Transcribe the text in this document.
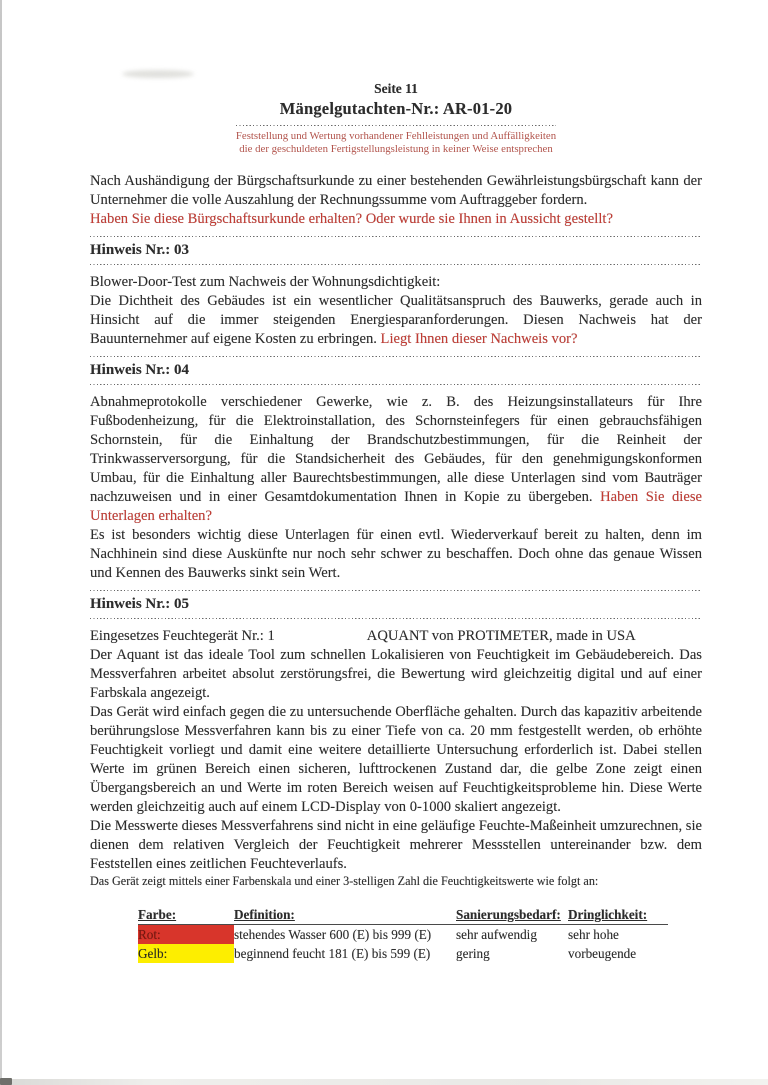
Seite 11
Mängelgutachten-Nr.: AR-01-20
Feststellung und Wertung vorhandener Fehlleistungen und Auffälligkeiten
die der geschuldeten Fertigstellungsleistung in keiner Weise entsprechen

Nach Aushändigung der Bürgschaftsurkunde zu einer bestehenden Gewährleistungsbürgschaft kann der Unternehmer die volle Auszahlung der Rechnungssumme vom Auftraggeber fordern.

Haben Sie diese Bürgschaftsurkunde erhalten? Oder wurde sie Ihnen in Aussicht gestellt?
Hinweis Nr.: 03

Blower-Door-Test zum Nachweis der Wohnungsdichtigkeit:

Die Dichtheit des Gebäudes ist ein wesentlicher Qualitätsanspruch des Bauwerks, gerade auch in Hinsicht auf die immer steigenden Energiesparanforderungen. Diesen Nachweis hat der Bauunternehmer auf eigene Kosten zu erbringen. Liegt Ihnen dieser Nachweis vor?

Hinweis Nr.: 04

Abnahmeprotokolle verschiedener Gewerke, wie z. B. des Heizungsinstallateurs für Ihre Fußbodenheizung, für die Elektroinstallation, des Schornsteinfegers für einen gebrauchsfähigen Schornstein, für die Einhaltung der Brandschutzbestimmungen, für die Reinheit der Trinkwasserversorgung, für die Standsicherheit des Gebäudes, für den genehmigungskonformen Umbau, für die Einhaltung aller Baurechtsbestimmungen, alle diese Unterlagen sind vom Bauträger nachzuweisen und in einer Gesamtdokumentation Ihnen in Kopie zu übergeben. Haben Sie diese Unterlagen erhalten?

Es ist besonders wichtig diese Unterlagen für einen evtl. Wiederverkauf bereit zu halten, denn im Nachhinein sind diese Auskünfte nur noch sehr schwer zu beschaffen. Doch ohne das genaue Wissen und Kennen des Bauwerks sinkt sein Wert.

Hinweis Nr.: 05

Eingesetzes Feuchtegerät Nr.: 1	AQUANT von PROTIMETER, made in USA

Der Aquant ist das ideale Tool zum schnellen Lokalisieren von Feuchtigkeit im Gebäudebereich. Das Messverfahren arbeitet absolut zerstörungsfrei, die Bewertung wird gleichzeitig digital und auf einer Farbskala angezeigt.

Das Gerät wird einfach gegen die zu untersuchende Oberfläche gehalten. Durch das kapazitiv arbeitende berührungslose Messverfahren kann bis zu einer Tiefe von ca. 20 mm festgestellt werden, ob erhöhte Feuchtigkeit vorliegt und damit eine weitere detaillierte Untersuchung erforderlich ist. Dabei stellen Werte im grünen Bereich einen sicheren, lufttrockenen Zustand dar, die gelbe Zone zeigt einen Übergangsbereich an und Werte im roten Bereich weisen auf Feuchtigkeitsprobleme hin. Diese Werte werden gleichzeitig auch auf einem LCD-Display von 0-1000 skaliert angezeigt.

Die Messwerte dieses Messverfahrens sind nicht in eine geläufige Feuchte-Maßeinheit umzurechnen, sie dienen dem relativen Vergleich der Feuchtigkeit mehrerer Messstellen untereinander bzw. dem Feststellen eines zeitlichen Feuchteverlaufs.

Das Gerät zeigt mittels einer Farbenskala und einer 3-stelligen Zahl die Feuchtigkeitswerte wie folgt an:

Farbe:	Definition:	Sanierungsbedarf: Dringlichkeit:
Rot:	stehendes Wasser 600 (E) bis 999 (E)	sehr aufwendig	sehr hohe
Gelb:	beginnend feucht 181 (E) bis 599 (E)	gering	vorbeugende
